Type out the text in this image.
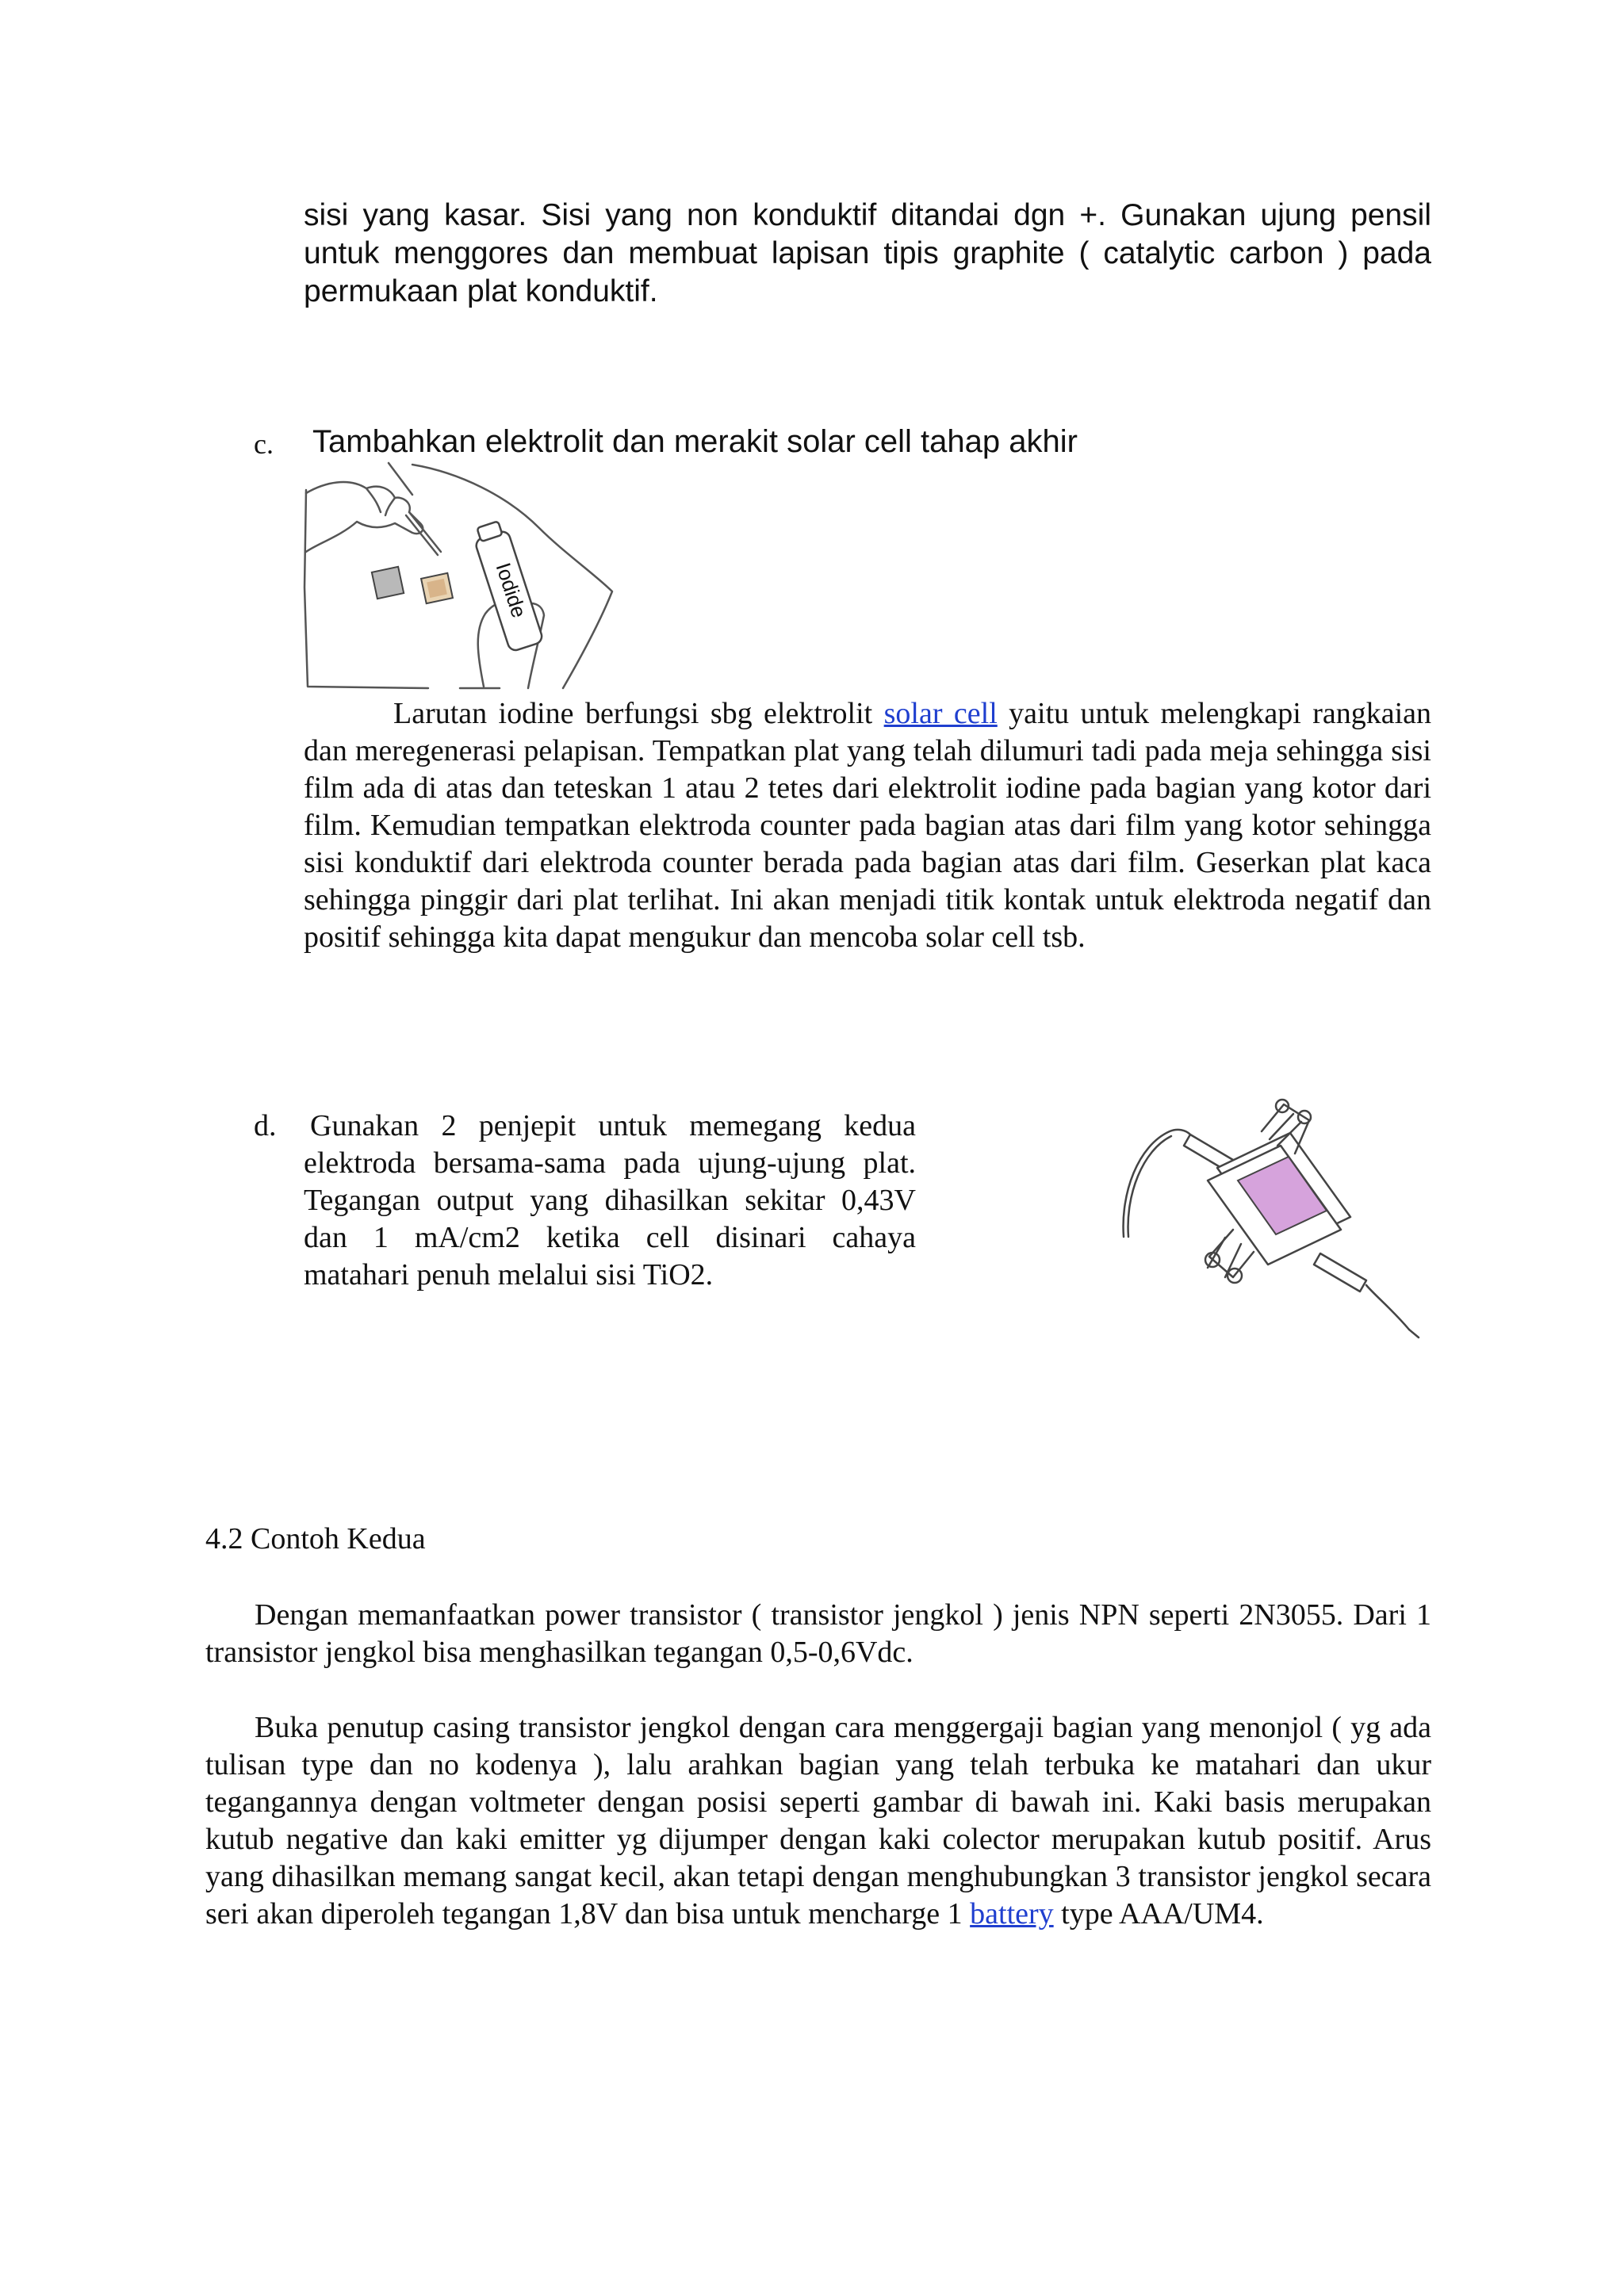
sisi yang kasar. Sisi yang non konduktif ditandai dgn +. Gunakan ujung pensil untuk menggores dan membuat lapisan tipis graphite ( catalytic carbon ) pada permukaan plat konduktif.
c. Tambahkan elektrolit dan merakit solar cell tahap akhir
Iodide
Larutan iodine berfungsi sbg elektrolit solar cell yaitu untuk melengkapi rangkaian dan meregenerasi pelapisan. Tempatkan plat yang telah dilumuri tadi pada meja sehingga sisi film ada di atas dan teteskan 1 atau 2 tetes dari elektrolit iodine pada bagian yang kotor dari film. Kemudian tempatkan elektroda counter pada bagian atas dari film yang kotor sehingga sisi konduktif dari elektroda counter berada pada bagian atas dari film. Geserkan plat kaca sehingga pinggir dari plat terlihat. Ini akan menjadi titik kontak untuk elektroda negatif dan positif sehingga kita dapat mengukur dan mencoba solar cell tsb.
d. Gunakan 2 penjepit untuk memegang kedua elektroda bersama-sama pada ujung-ujung plat. Tegangan output yang dihasilkan sekitar 0,43V dan 1 mA/cm2 ketika cell disinari cahaya matahari penuh melalui sisi TiO2.
4.2 Contoh Kedua
Dengan memanfaatkan power transistor ( transistor jengkol ) jenis NPN seperti 2N3055. Dari 1 transistor jengkol bisa menghasilkan tegangan 0,5-0,6Vdc.
Buka penutup casing transistor jengkol dengan cara menggergaji bagian yang menonjol ( yg ada tulisan type dan no kodenya ), lalu arahkan bagian yang telah terbuka ke matahari dan ukur tegangannya dengan voltmeter dengan posisi seperti gambar di bawah ini. Kaki basis merupakan kutub negative dan kaki emitter yg dijumper dengan kaki colector merupakan kutub positif. Arus yang dihasilkan memang sangat kecil, akan tetapi dengan menghubungkan 3 transistor jengkol secara seri akan diperoleh tegangan 1,8V dan bisa untuk mencharge 1 battery type AAA/UM4.
